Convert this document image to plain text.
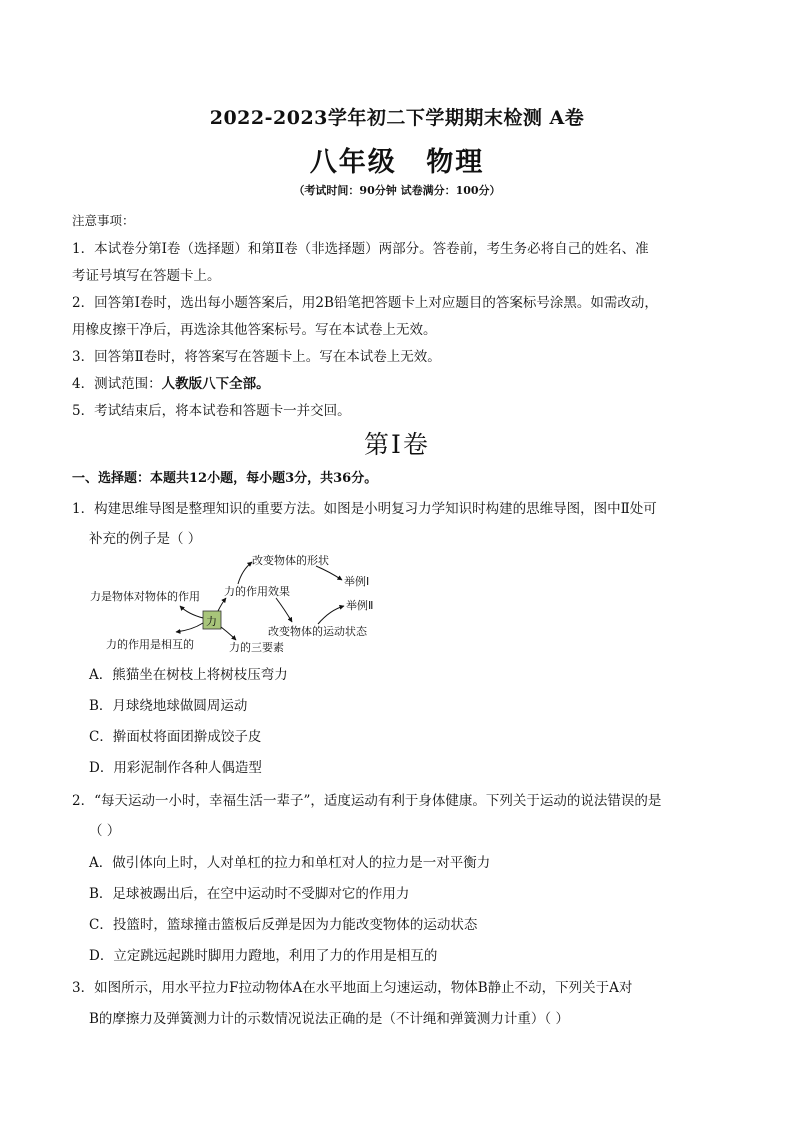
2022-2023学年初二下学期期末检测 A卷
八年级 物理
（考试时间：90分钟 试卷满分：100分）
注意事项：
1．本试卷分第Ⅰ卷（选择题）和第Ⅱ卷（非选择题）两部分。答卷前，考生务必将自己的姓名、准
考证号填写在答题卡上。
2．回答第Ⅰ卷时，选出每小题答案后，用2B铅笔把答题卡上对应题目的答案标号涂黑。如需改动，
用橡皮擦干净后，再选涂其他答案标号。写在本试卷上无效。
3．回答第Ⅱ卷时，将答案写在答题卡上。写在本试卷上无效。
4．测试范围：人教版八下全部。
5．考试结束后，将本试卷和答题卡一并交回。
第Ⅰ卷
一、选择题：本题共12小题，每小题3分，共36分。
1．构建思维导图是整理知识的重要方法。如图是小明复习力学知识时构建的思维导图，图中Ⅱ处可
补充的例子是（ ）
力
力是物体对物体的作用
力的作用是相互的
力的作用效果
力的三要素
改变物体的形状
改变物体的运动状态
举例Ⅰ
举例Ⅱ
A．熊猫坐在树枝上将树枝压弯力
B．月球绕地球做圆周运动
C．擀面杖将面团擀成饺子皮
D．用彩泥制作各种人偶造型
2．“每天运动一小时，幸福生活一辈子”，适度运动有利于身体健康。下列关于运动的说法错误的是
（ ）
A．做引体向上时，人对单杠的拉力和单杠对人的拉力是一对平衡力
B．足球被踢出后，在空中运动时不受脚对它的作用力
C．投篮时，篮球撞击篮板后反弹是因为力能改变物体的运动状态
D．立定跳远起跳时脚用力蹬地，利用了力的作用是相互的
3．如图所示，用水平拉力F拉动物体A在水平地面上匀速运动，物体B静止不动，下列关于A对
B的摩擦力及弹簧测力计的示数情况说法正确的是（不计绳和弹簧测力计重）（ ）
